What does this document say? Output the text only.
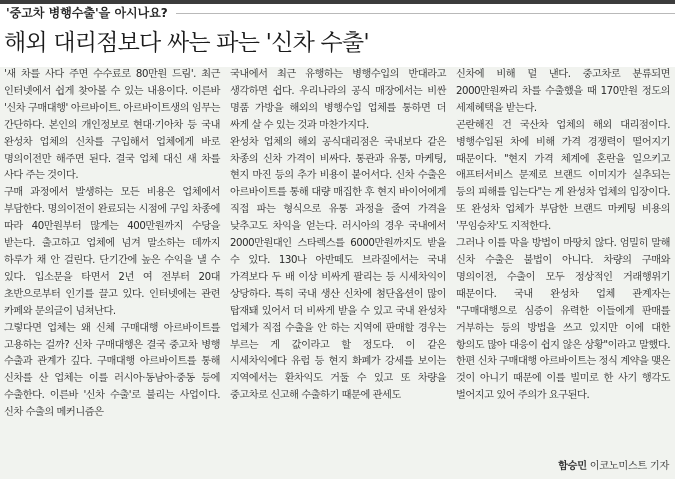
'중고차 병행수출'을 아시나요?
해외 대리점보다 싸는 파는 '신차 수출'

'새 차를 사다 주면 수수료로 80만원 드림'. 최근 인터넷에서 쉽게 찾아볼 수 있는 내용이다. 이른바 '신차 구매대행' 아르바이트. 아르바이트생의 임무는 간단하다. 본인의 개인정보로 현대·기아차 등 국내 완성차 업체의 신차를 구입해서 업체에게 바로 명의이전만 해주면 된다. 결국 업체 대신 새 차를 사다 주는 것이다.

구매 과정에서 발생하는 모든 비용은 업체에서 부담한다. 명의이전이 완료되는 시점에 구입 차종에 따라 40만원부터 많게는 400만원까지 수당을 받는다. 출고하고 업체에 넘겨 말소하는 데까지 하루가 채 안 걸린다. 단기간에 높은 수익을 낼 수 있다. 입소문을 타면서 2년 여 전부터 20대 초반으로부터 인기를 끌고 있다. 인터넷에는 관련 카페와 문의글이 넘쳐난다.

그렇다면 업체는 왜 신체 구매대행 아르바이트를 고용하는 걸까? 신차 구매대행은 결국 중고차 병행 수출과 관계가 깊다. 구매대행 아르바이트를 통해 신차를 산 업체는 이를 러시아·동남아·중동 등에 수출한다. 이른바 '신차 수출'로 불리는 사업이다. 신차 수출의 메커니즘은

국내에서 최근 유행하는 병행수입의 반대라고 생각하면 쉽다. 우리나라의 공식 매장에서는 비싼 명품 가방을 해외의 병행수입 업체를 통하면 더 싸게 살 수 있는 것과 마찬가지다.

완성차 업체의 해외 공식대리점은 국내보다 같은 차종의 신차 가격이 비싸다. 통관과 유통, 마케팅, 현지 마진 등의 추가 비용이 붙어서다. 신차 수출은 아르바이트를 통해 대량 매집한 후 현지 바이어에게 직접 파는 형식으로 유통 과정을 줄여 가격을 낮추고도 차익을 얻는다. 러시아의 경우 국내에서 2000만원대인 스타렉스를 6000만원까지도 받을 수 있다. 130나 아반떼도 브라질에서는 국내 가격보다 두 배 이상 비싸게 팔리는 등 시세차익이 상당하다. 특히 국내 생산 신차에 첨단옵션이 많이 탑재돼 있어서 더 비싸게 받을 수 있고 국내 완성차 업체가 직접 수출을 안 하는 지역에 판매할 경우는 부르는 게 값이라고 할 정도다. 이 같은 시세차익에다 유럽 등 현지 화폐가 강세를 보이는 지역에서는 환차익도 거둘 수 있고 또 차량을 중고차로 신고해 수출하기 때문에 관세도

신차에 비해 덜 낸다. 중고차로 분류되면 2000만원짜리 차를 수출했을 때 170만원 정도의 세제혜택을 받는다.

곤란해진 건 국산차 업체의 해외 대리점이다. 병행수입된 차에 비해 가격 경쟁력이 떨어지기 때문이다. "현지 가격 체계에 혼란을 일으키고 애프터서비스 문제로 브랜드 이미지가 실추되는 등의 피해를 입는다"는 게 완성차 업체의 입장이다. 또 완성차 업체가 부담한 브랜드 마케팅 비용의 '무임승차'도 지적한다.

그러나 이를 막을 방법이 마땅치 않다. 엄밀히 말해 신차 수출은 불법이 아니다. 차량의 구매와 명의이전, 수출이 모두 정상적인 거래행위기 때문이다. 국내 완성차 업체 관계자는 "구매대행으로 심증이 유력한 이들에게 판매를 거부하는 등의 방법을 쓰고 있지만 이에 대한 항의도 많아 대응이 쉽지 않은 상황"이라고 말했다. 한편 신차 구매대행 아르바이트는 정식 계약을 맺은 것이 아니기 때문에 이를 빌미로 한 사기 행각도 벌어지고 있어 주의가 요구된다.

함승민 이코노미스트 기자
